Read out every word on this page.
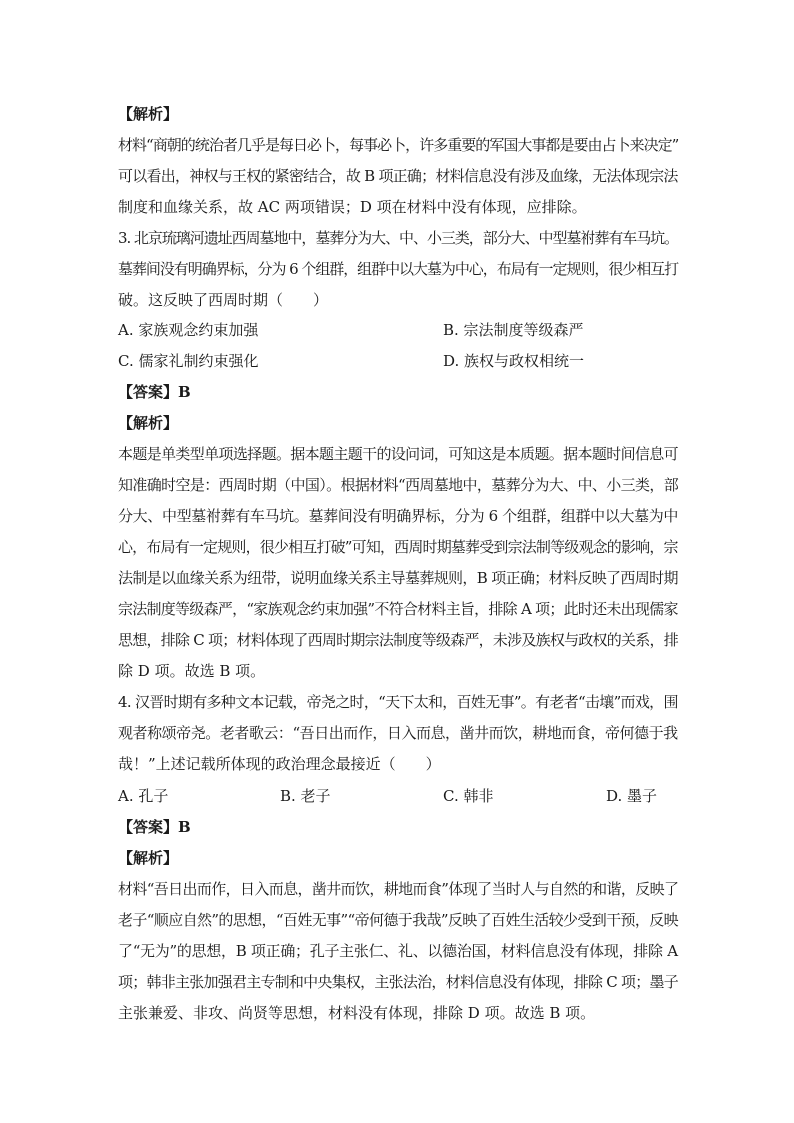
【解析】
材料“商朝的统治者几乎是每日必卜，每事必卜，许多重要的军国大事都是要由占卜来决定”
可以看出，神权与王权的紧密结合，故 B 项正确；材料信息没有涉及血缘，无法体现宗法
制度和血缘关系，故 AC 两项错误；D 项在材料中没有体现，应排除。
3. 北京琉璃河遗址西周墓地中，墓葬分为大、中、小三类，部分大、中型墓祔葬有车马坑。
墓葬间没有明确界标，分为 6 个组群，组群中以大墓为中心，布局有一定规则，很少相互打
破。这反映了西周时期（　　）
A. 家族观念约束加强	B. 宗法制度等级森严
C. 儒家礼制约束强化	D. 族权与政权相统一
【答案】B
【解析】
本题是单类型单项选择题。据本题主题干的设问词，可知这是本质题。据本题时间信息可
知准确时空是：西周时期（中国）。根据材料“西周墓地中，墓葬分为大、中、小三类，部
分大、中型墓祔葬有车马坑。墓葬间没有明确界标，分为 6 个组群，组群中以大墓为中
心，布局有一定规则，很少相互打破”可知，西周时期墓葬受到宗法制等级观念的影响，宗
法制是以血缘关系为纽带，说明血缘关系主导墓葬规则，B 项正确；材料反映了西周时期
宗法制度等级森严，“家族观念约束加强”不符合材料主旨，排除 A 项；此时还未出现儒家
思想，排除 C 项；材料体现了西周时期宗法制度等级森严，未涉及族权与政权的关系，排
除 D 项。故选 B 项。
4. 汉晋时期有多种文本记载，帝尧之时，“天下太和，百姓无事”。有老者“击壤”而戏，围
观者称颂帝尧。老者歌云：“吾日出而作，日入而息，凿井而饮，耕地而食，帝何德于我
哉！”上述记载所体现的政治理念最接近（　　）
A. 孔子	B. 老子	C. 韩非	D. 墨子
【答案】B
【解析】
材料“吾日出而作，日入而息，凿井而饮，耕地而食”体现了当时人与自然的和谐，反映了
老子“顺应自然”的思想，“百姓无事”“帝何德于我哉”反映了百姓生活较少受到干预，反映
了“无为”的思想，B 项正确；孔子主张仁、礼、以德治国，材料信息没有体现，排除 A
项；韩非主张加强君主专制和中央集权，主张法治，材料信息没有体现，排除 C 项；墨子
主张兼爱、非攻、尚贤等思想，材料没有体现，排除 D 项。故选 B 项。
